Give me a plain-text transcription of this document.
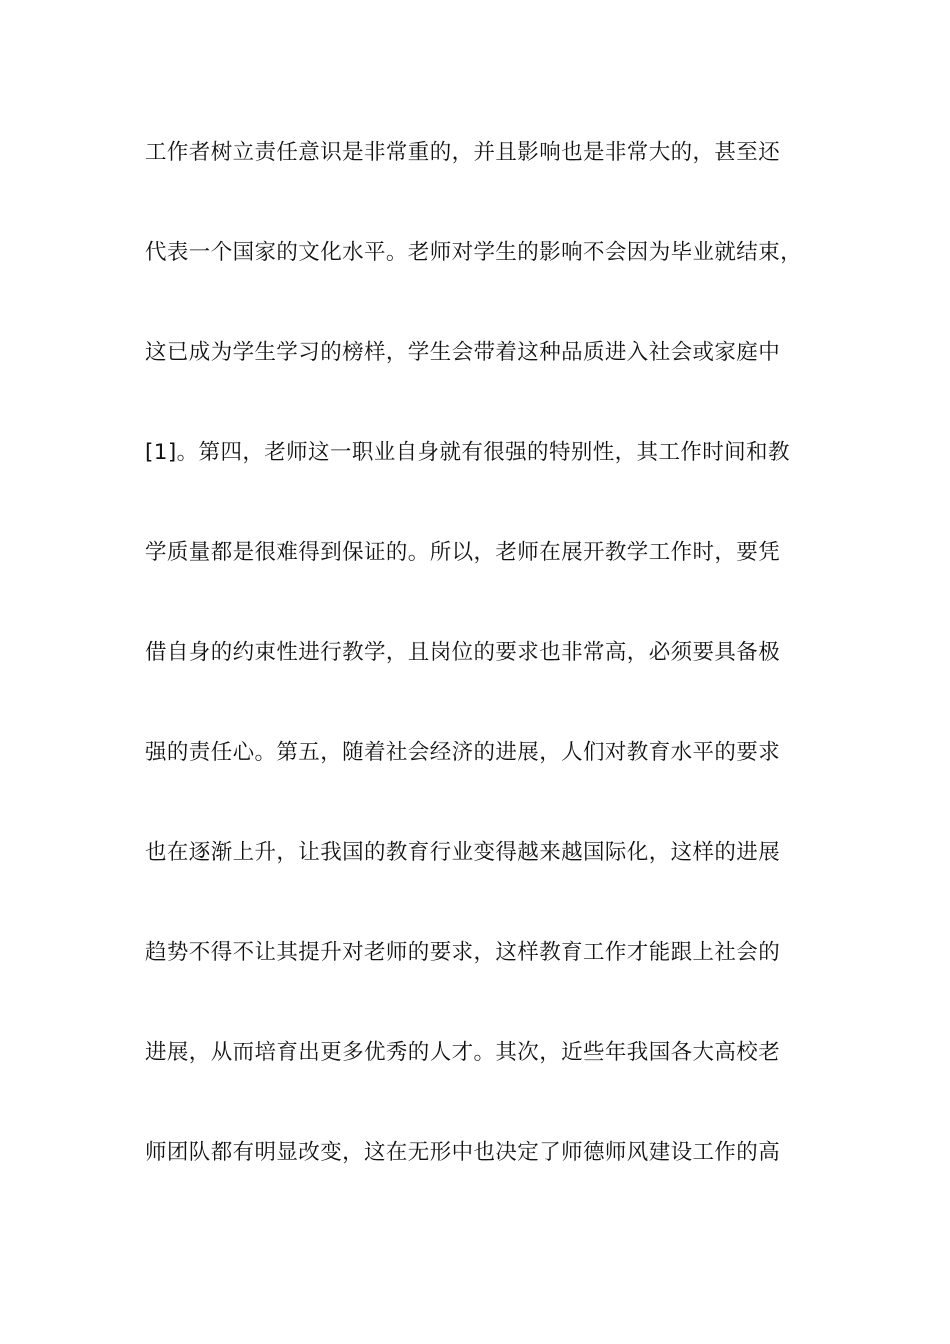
工作者树立责任意识是非常重的，并且影响也是非常大的，甚至还
代表一个国家的文化水平。老师对学生的影响不会因为毕业就结束，
这已成为学生学习的榜样，学生会带着这种品质进入社会或家庭中
[1]。第四，老师这一职业自身就有很强的特别性，其工作时间和教
学质量都是很难得到保证的。所以，老师在展开教学工作时，要凭
借自身的约束性进行教学，且岗位的要求也非常高，必须要具备极
强的责任心。第五，随着社会经济的进展，人们对教育水平的要求
也在逐渐上升，让我国的教育行业变得越来越国际化，这样的进展
趋势不得不让其提升对老师的要求，这样教育工作才能跟上社会的
进展，从而培育出更多优秀的人才。其次，近些年我国各大高校老
师团队都有明显改变，这在无形中也决定了师德师风建设工作的高
